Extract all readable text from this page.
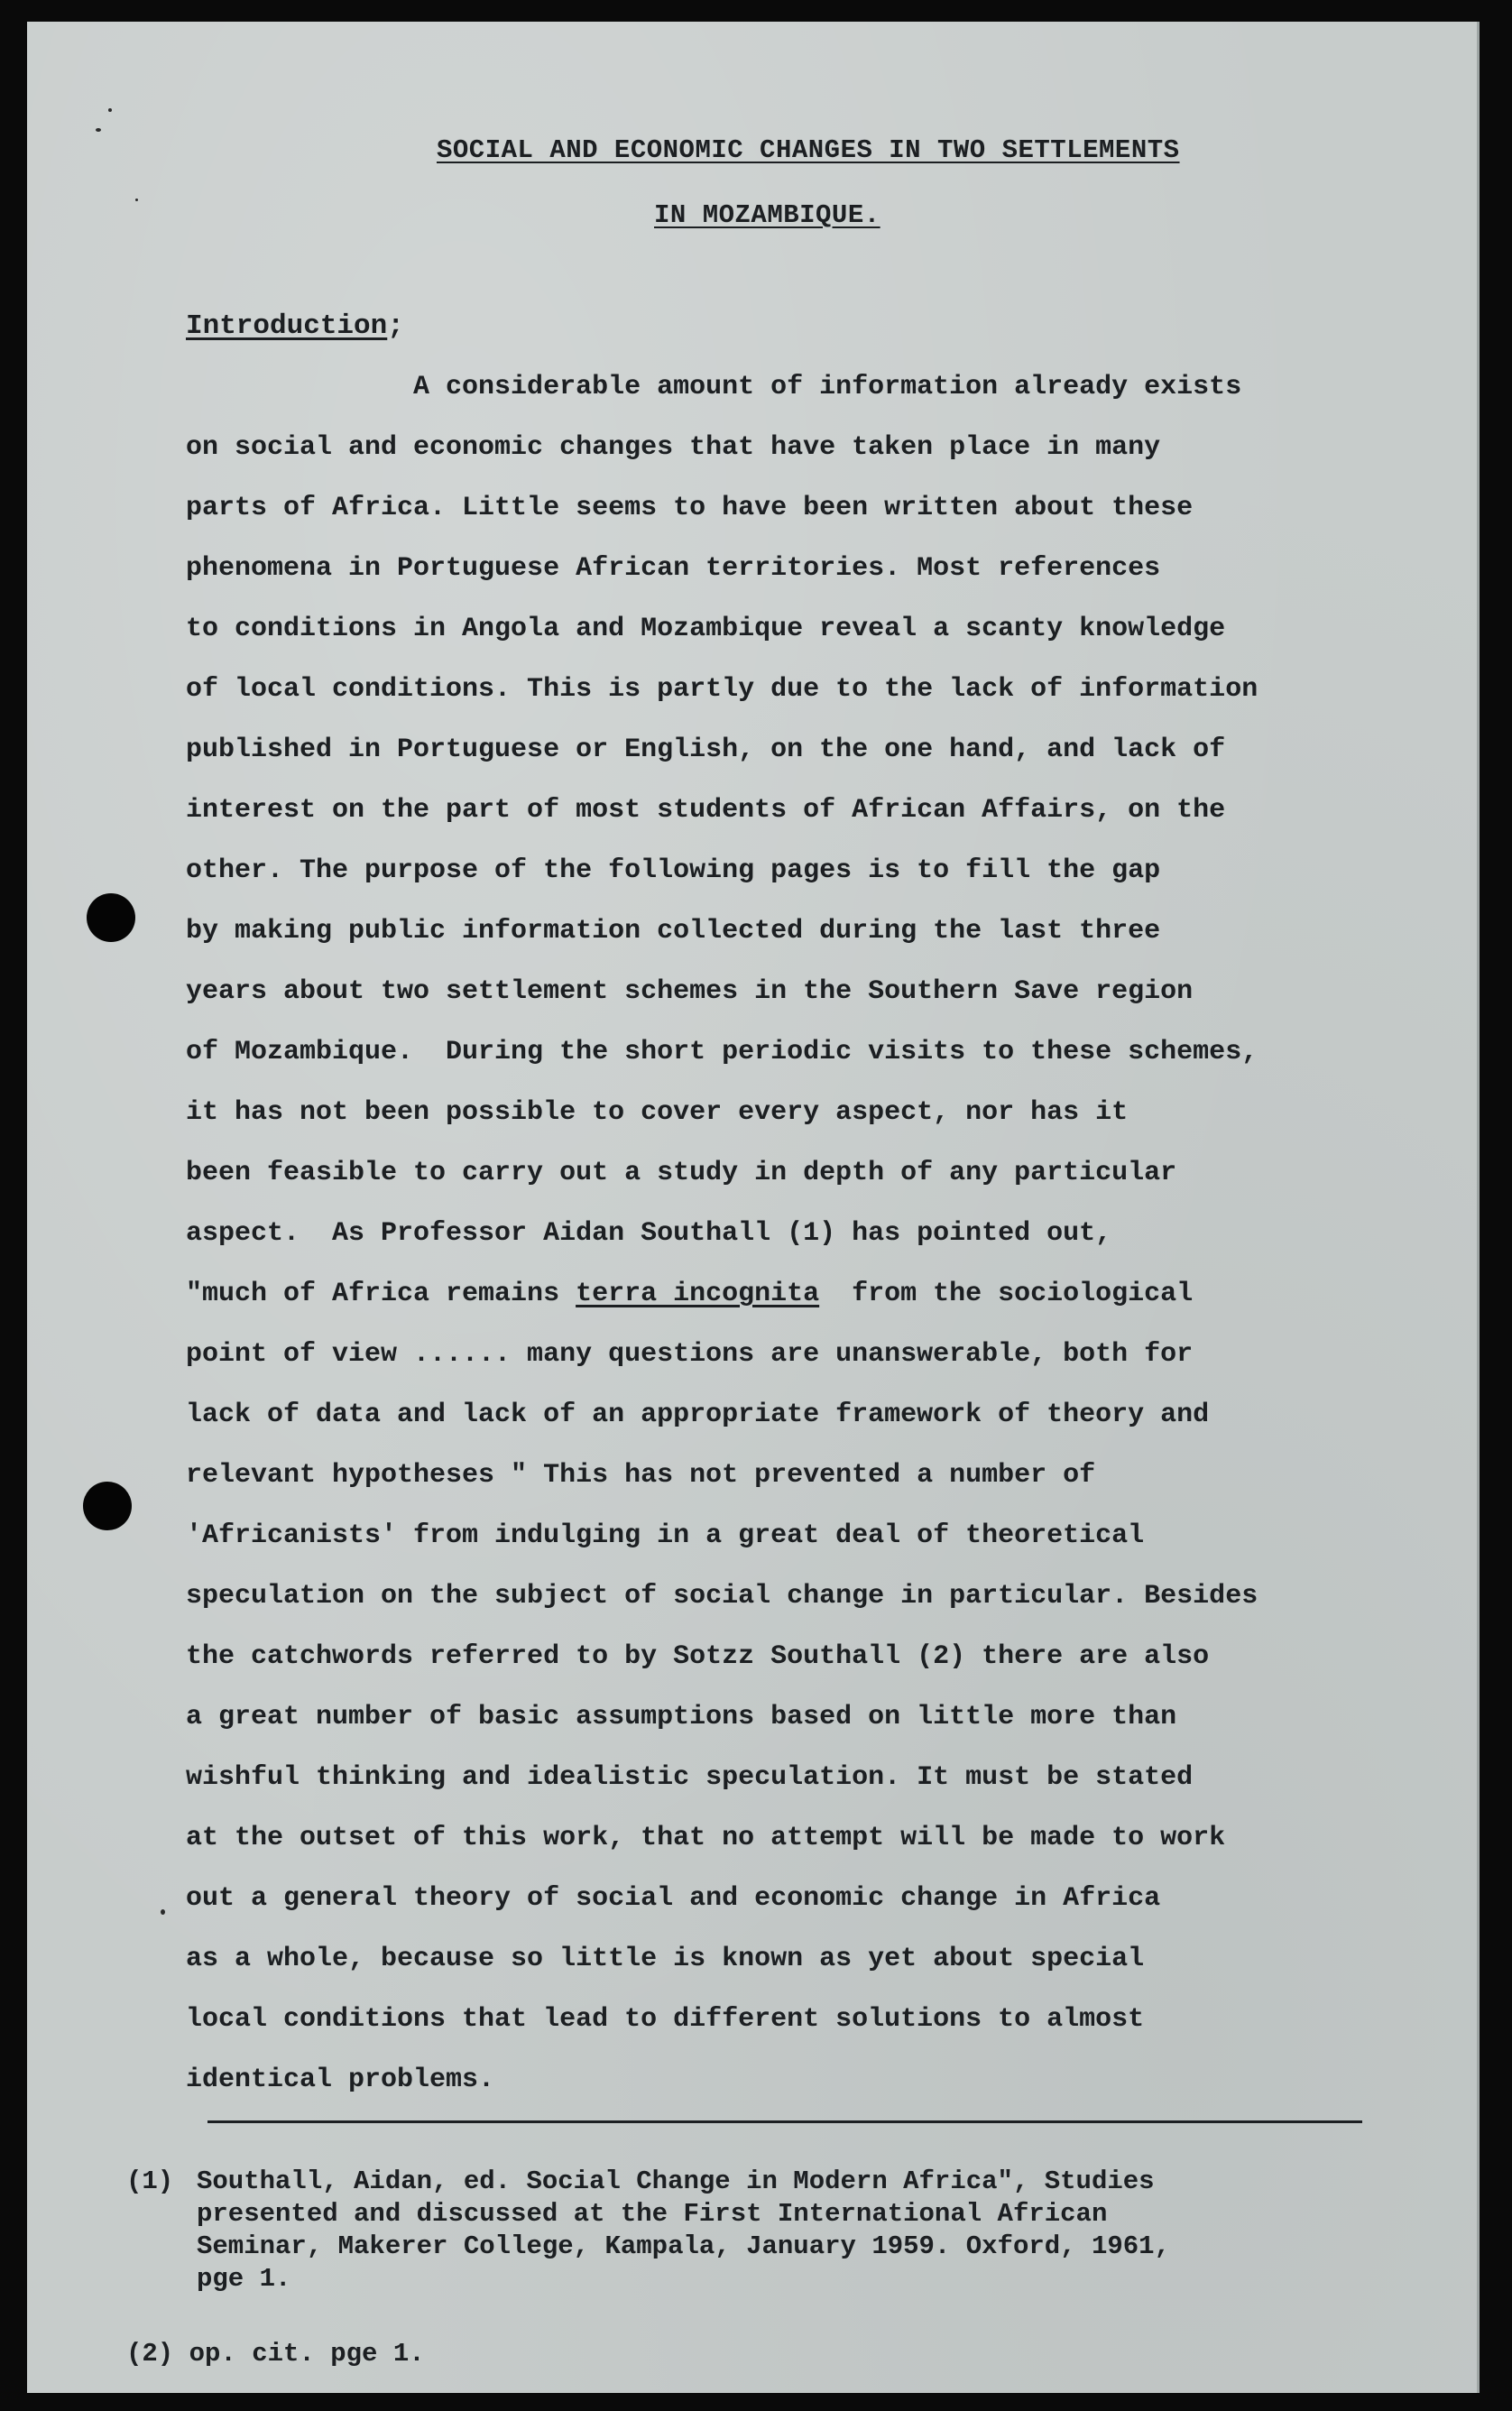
SOCIAL AND ECONOMIC CHANGES IN TWO SETTLEMENTS
IN MOZAMBIQUE.
Introduction;
A considerable amount of information already exists
on social and economic changes that have taken place in many
parts of Africa. Little seems to have been written about these
phenomena in Portuguese African territories. Most references
to conditions in Angola and Mozambique reveal a scanty knowledge
of local conditions. This is partly due to the lack of information
published in Portuguese or English, on the one hand, and lack of
interest on the part of most students of African Affairs, on the
other. The purpose of the following pages is to fill the gap
by making public information collected during the last three
years about two settlement schemes in the Southern Save region
of Mozambique.  During the short periodic visits to these schemes,
it has not been possible to cover every aspect, nor has it
been feasible to carry out a study in depth of any particular
aspect.  As Professor Aidan Southall (1) has pointed out,
"much of Africa remains terra incognita  from the sociological
point of view ...... many questions are unanswerable, both for
lack of data and lack of an appropriate framework of theory and
relevant hypotheses " This has not prevented a number of
'Africanists' from indulging in a great deal of theoretical
speculation on the subject of social change in particular. Besides
the catchwords referred to by Sotzz Southall (2) there are also
a great number of basic assumptions based on little more than
wishful thinking and idealistic speculation. It must be stated
at the outset of this work, that no attempt will be made to work
out a general theory of social and economic change in Africa
as a whole, because so little is known as yet about special
local conditions that lead to different solutions to almost
identical problems.
(1) Southall, Aidan, ed. Social Change in Modern Africa", Studies
presented and discussed at the First International African
Seminar, Makerer College, Kampala, January 1959. Oxford, 1961,
pge 1.
(2) op. cit. pge 1.
